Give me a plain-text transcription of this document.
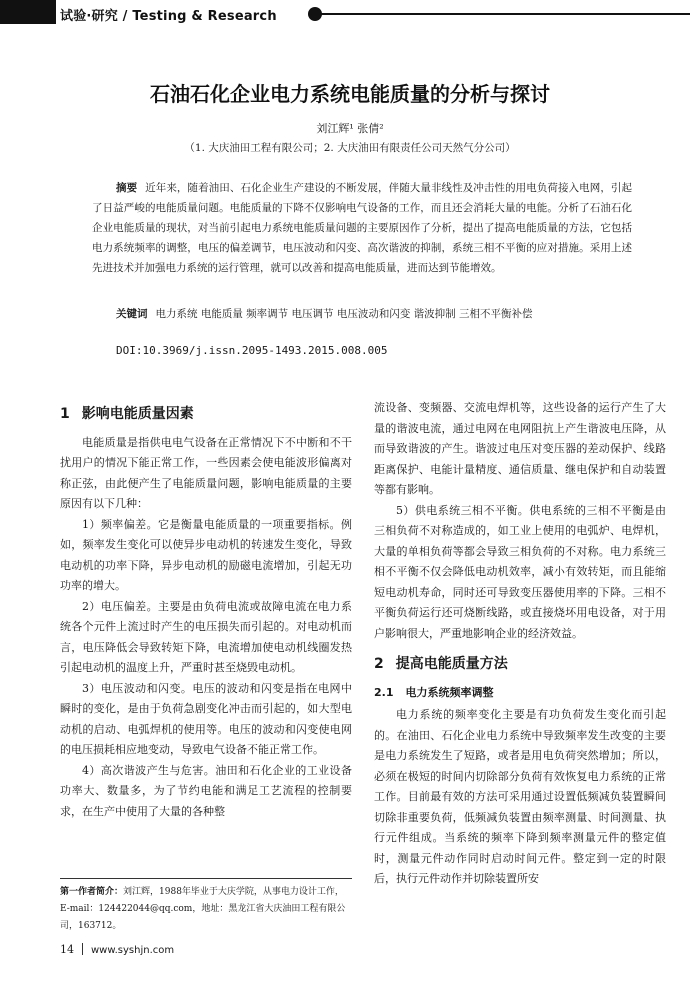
试验·研究 / Testing & Research
石油石化企业电力系统电能质量的分析与探讨
刘江辉¹ 张倩²
（1. 大庆油田工程有限公司；2. 大庆油田有限责任公司天然气分公司）
摘要 近年来，随着油田、石化企业生产建设的不断发展，伴随大量非线性及冲击性的用电负荷接入电网，引起了日益严峻的电能质量问题。电能质量的下降不仅影响电气设备的工作，而且还会消耗大量的电能。分析了石油石化企业电能质量的现状，对当前引起电力系统电能质量问题的主要原因作了分析，提出了提高电能质量的方法，它包括电力系统频率的调整，电压的偏差调节，电压波动和闪变、高次谐波的抑制，系统三相不平衡的应对措施。采用上述先进技术并加强电力系统的运行管理，就可以改善和提高电能质量，进而达到节能增效。
关键词 电力系统 电能质量 频率调节 电压调节 电压波动和闪变 谐波抑制 三相不平衡补偿
DOI:10.3969/j.issn.2095-1493.2015.008.005
1 影响电能质量因素

电能质量是指供电电气设备在正常情况下不中断和不干扰用户的情况下能正常工作，一些因素会使电能波形偏离对称正弦，由此便产生了电能质量问题，影响电能质量的主要原因有以下几种：

1）频率偏差。它是衡量电能质量的一项重要指标。例如，频率发生变化可以使异步电动机的转速发生变化，导致电动机的功率下降，异步电动机的励磁电流增加，引起无功功率的增大。

2）电压偏差。主要是由负荷电流或故障电流在电力系统各个元件上流过时产生的电压损失而引起的。对电动机而言，电压降低会导致转矩下降，电流增加使电动机线圈发热引起电动机的温度上升，严重时甚至烧毁电动机。

3）电压波动和闪变。电压的波动和闪变是指在电网中瞬时的变化，是由于负荷急剧变化冲击而引起的，如大型电动机的启动、电弧焊机的使用等。电压的波动和闪变使电网的电压损耗相应地变动，导致电气设备不能正常工作。

4）高次谐波产生与危害。油田和石化企业的工业设备功率大、数量多，为了节约电能和满足工艺流程的控制要求，在生产中使用了大量的各种整

流设备、变频器、交流电焊机等，这些设备的运行产生了大量的谐波电流，通过电网在电网阻抗上产生谐波电压降，从而导致谐波的产生。谐波过电压对变压器的差动保护、线路距离保护、电能计量精度、通信质量、继电保护和自动装置等都有影响。

5）供电系统三相不平衡。供电系统的三相不平衡是由三相负荷不对称造成的，如工业上使用的电弧炉、电焊机，大量的单相负荷等都会导致三相负荷的不对称。电力系统三相不平衡不仅会降低电动机效率，减小有效转矩，而且能缩短电动机寿命，同时还可导致变压器使用率的下降。三相不平衡负荷运行还可烧断线路，或直接烧坏用电设备，对于用户影响很大，严重地影响企业的经济效益。

2 提高电能质量方法
2.1 电力系统频率调整

电力系统的频率变化主要是有功负荷发生变化而引起的。在油田、石化企业电力系统中导致频率发生改变的主要是电力系统发生了短路，或者是用电负荷突然增加；所以，必须在极短的时间内切除部分负荷有效恢复电力系统的正常工作。目前最有效的方法可采用通过设置低频减负装置瞬间切除非重要负荷，低频减负装置由频率测量、时间测量、执行元件组成。当系统的频率下降到频率测量元件的整定值时，测量元件动作同时启动时间元件。整定到一定的时限后，执行元件动作并切除装置所安

第一作者简介：刘江辉，1988年毕业于大庆学院，从事电力设计工作，E-mail：124422044@qq.com，地址：黑龙江省大庆油田工程有限公司，163712。
14 www.syshjn.com
